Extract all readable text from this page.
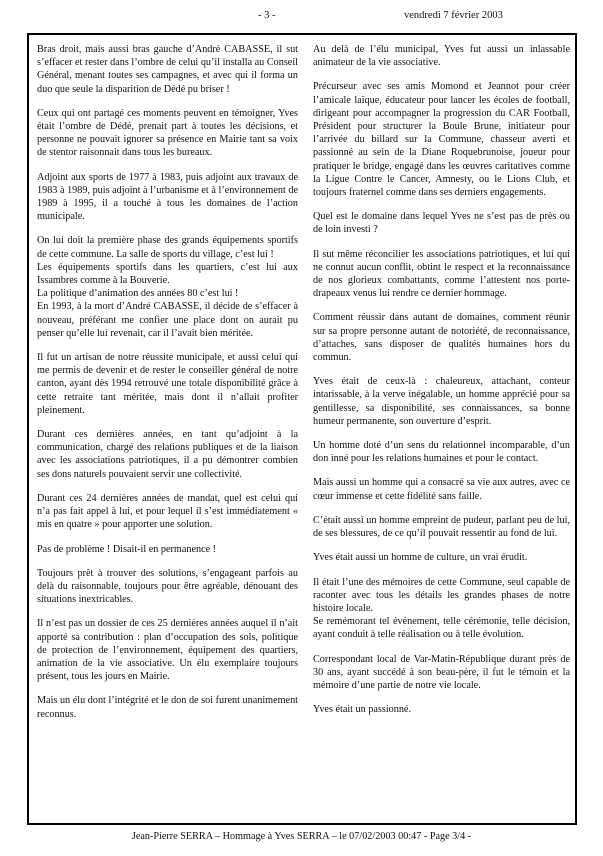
- 3 -	vendredi 7 février 2003

Bras droit, mais aussi bras gauche d’André CABASSE, il sut s’effacer et rester dans l’ombre de celui qu’il installa au Conseil Général, menant toutes ses campagnes, et avec qui il forma un duo que seule la disparition de Dédé pu briser !

Ceux qui ont partagé ces moments peuvent en témoigner, Yves était l’ombre de Dédé, prenait part à toutes les décisions, et personne ne pouvait ignorer sa présence en Mairie tant sa voix de stentor raisonnait dans tous les bureaux.

Adjoint aux sports de 1977 à 1983, puis adjoint aux travaux de 1983 à 1989, puis adjoint à l’urbanisme et à l’environnement de 1989 à 1995, il a touché à tous les domaines de l’action municipale.

On lui doit la première phase des grands équipements sportifs de cette commune. La salle de sports du village, c’est lui !

Les équipements sportifs dans les quartiers, c’est lui aux Issambres comme à la Bouverie.

La politique d’animation des années 80 c’est lui !

En 1993, à la mort d’André CABASSE, il décide de s’effacer à nouveau, préférant me confier une place dont on aurait pu penser qu’elle lui revenait, car il l’avait bien méritée.

Il fut un artisan de notre réussite municipale, et aussi celui qui me permis de devenir et de rester le conseiller général de notre canton, ayant dès 1994 retrouvé une totale disponibilité grâce à cette retraite tant méritée, mais dont il n’allait profiter pleinement.

Durant ces dernières années, en tant qu’adjoint à la communication, chargé des relations publiques et de la liaison avec les associations patriotiques, il a pu démontrer combien ses dons naturels pouvaient servir une collectivité.

Durant ces 24 dernières années de mandat, quel est celui qui n’a pas fait appel à lui, et pour lequel il s’est immédiatement « mis en quatre » pour apporter une solution.

Pas de problème ! Disait-il en permanence !

Toujours prêt à trouver des solutions, s’engageant parfois au delà du raisonnable, toujours pour être agréable, dénouant des situations inextricables.

Il n’est pas un dossier de ces 25 dernières années auquel il n’ait apporté sa contribution : plan d’occupation des sols, politique de protection de l’environnement, équipement des quartiers, animation de la vie associative. Un élu exemplaire toujours présent, tous les jours en Mairie.

Mais un élu dont l’intégrité et le don de soi furent unanimement reconnus.

Au delà de l’élu municipal, Yves fut aussi un inlassable animateur de la vie associative.

Précurseur avec ses amis Momond et Jeannot pour créer l’amicale laïque, éducateur pour lancer les écoles de football, dirigeant pour accompagner la progression du CAR Football, Président pour structurer la Boule Brune, initiateur pour l’arrivée du billard sur la Commune, chasseur averti et passionné au sein de la Diane Roquebrunoise, joueur pour pratiquer le bridge, engagé dans les œuvres caritatives comme la Ligue Contre le Cancer, Amnesty, ou le Lions Club, et toujours fraternel comme dans ses derniers engagements.

Quel est le domaine dans lequel Yves ne s’est pas de près ou de loin investi ?

Il sut même réconcilier les associations patriotiques, et lui qui ne connut aucun conflit, obtint le respect et la reconnaissance de nos glorieux combattants, comme l’attestent nos porte-drapeaux venus lui rendre ce dernier hommage.

Comment réussir dans autant de domaines, comment réunir sur sa propre personne autant de notoriété, de reconnaissance, d’attaches, sans disposer de qualités humaines hors du commun.

Yves était de ceux-là : chaleureux, attachant, conteur intarissable, à la verve inégalable, un homme apprécié pour sa gentillesse, sa disponibilité, ses connaissances, sa bonne humeur permanente, son ouverture d’esprit.

Un homme doté d’un sens du relationnel incomparable, d’un don inné pour les relations humaines et pour le contact.

Mais aussi un homme qui a consacré sa vie aux autres, avec ce cœur immense et cette fidélité sans faille.

C’était aussi un homme empreint de pudeur, parlant peu de lui, de ses blessures, de ce qu’il pouvait ressentir au fond de lui.

Yves était aussi un homme de culture, un vrai érudit.

Il était l’une des mémoires de cette Commune, seul capable de raconter avec tous les détails les grandes phases de notre histoire locale.

Se remémorant tel événement, telle cérémonie, telle décision, ayant conduit à telle réalisation ou à telle évolution.

Correspondant local de Var-Matin-République durant près de 30 ans, ayant succédé à son beau-père, il fut le témoin et la mémoire d’une partie de notre vie locale.

Yves était un passionné.

Jean-Pierre SERRA – Hommage à Yves SERRA – le 07/02/2003 00:47 - Page 3/4 -
